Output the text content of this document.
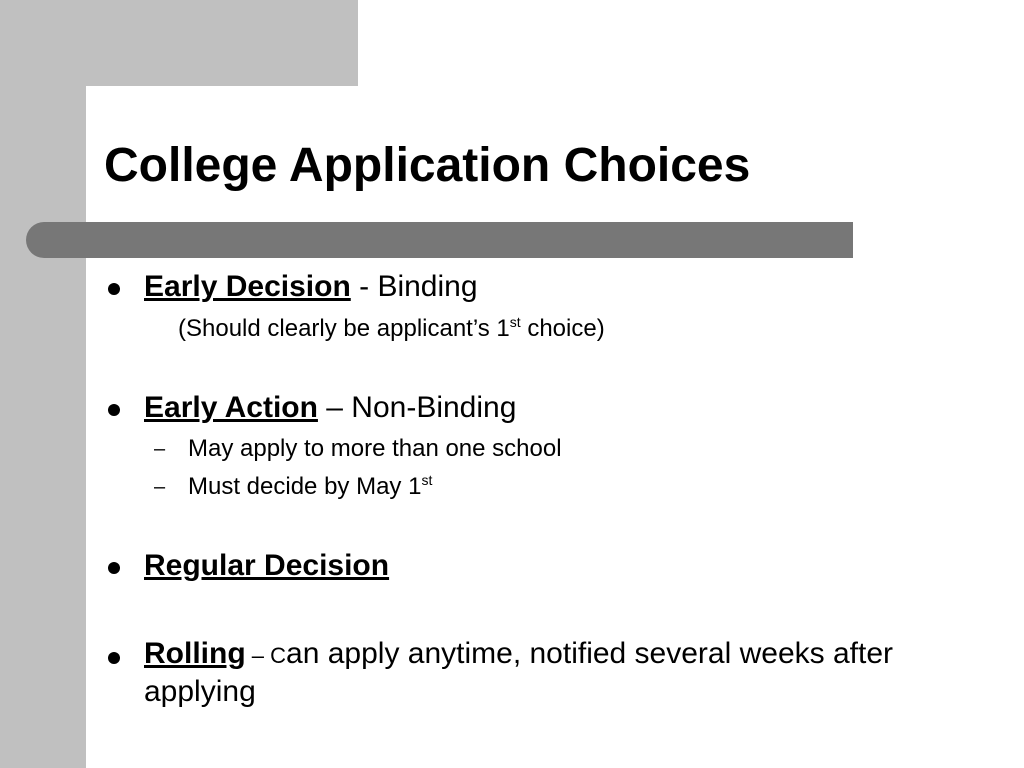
College Application Choices
Early Decision - Binding
(Should clearly be applicant’s 1st choice)
Early Action – Non-Binding
– May apply to more than one school
– Must decide by May 1st
Regular Decision
Rolling – Can apply anytime, notified several weeks after applying
